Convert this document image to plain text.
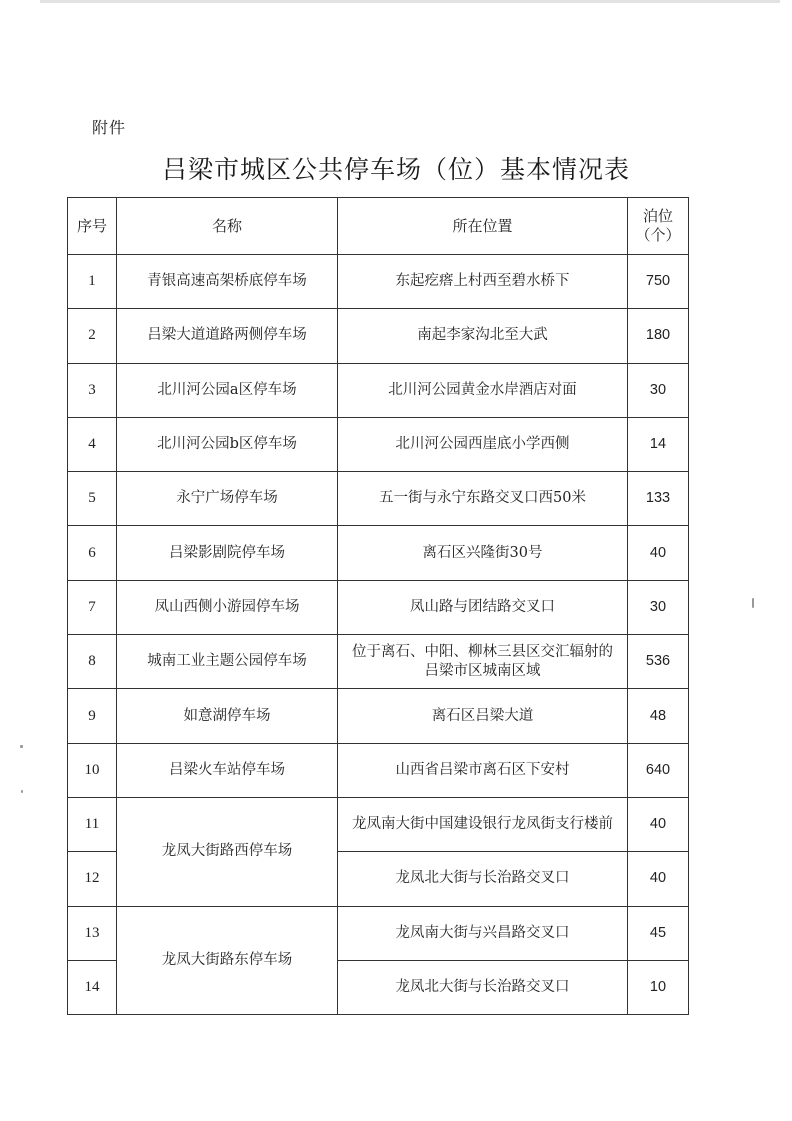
附件
吕梁市城区公共停车场（位）基本情况表
序号	名称	所在位置	泊位
（个）

1	青银高速高架桥底停车场	东起疙瘩上村西至碧水桥下	750
2	吕梁大道道路两侧停车场	南起李家沟北至大武	180
3	北川河公园a区停车场	北川河公园黄金水岸酒店对面	30
4	北川河公园b区停车场	北川河公园西崖底小学西侧	14
5	永宁广场停车场	五一街与永宁东路交叉口西50米	133
6	吕梁影剧院停车场	离石区兴隆街30号	40
7	凤山西侧小游园停车场	凤山路与团结路交叉口	30
8	城南工业主题公园停车场	位于离石、中阳、柳林三县区交汇辐射的
吕梁市区城南区域	536
9	如意湖停车场	离石区吕梁大道	48
10	吕梁火车站停车场	山西省吕梁市离石区下安村	640
11	龙凤大街路西停车场	龙凤南大街中国建设银行龙凤街支行楼前	40
12		龙凤北大街与长治路交叉口	40
13	龙凤大街路东停车场	龙凤南大街与兴昌路交叉口	45
14		龙凤北大街与长治路交叉口	10
